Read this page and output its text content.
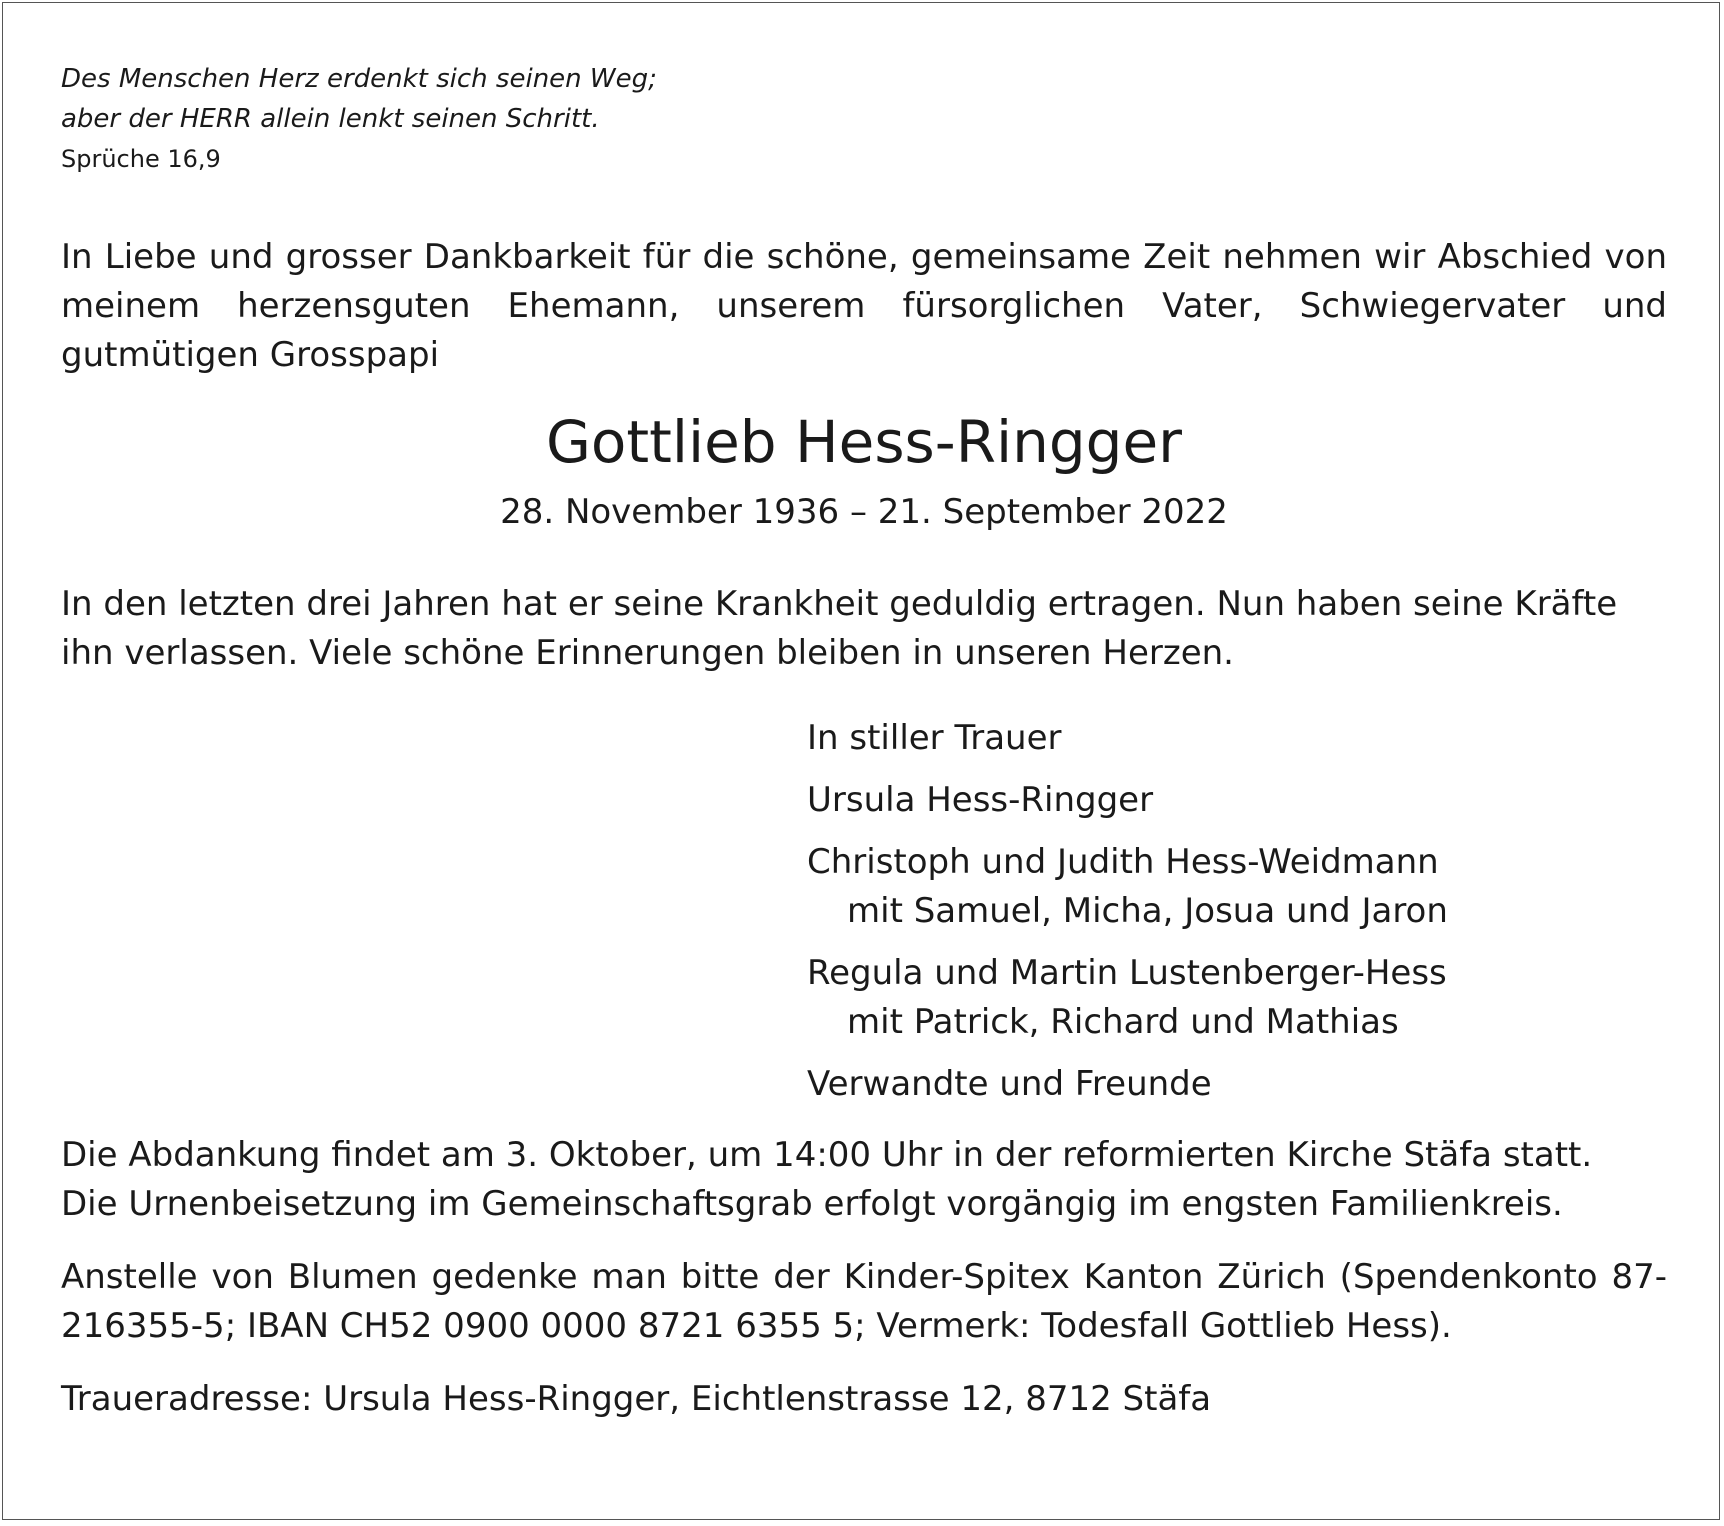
Des Menschen Herz erdenkt sich seinen Weg;

aber der HERR allein lenkt seinen Schritt.

Sprüche 16,9

In Liebe und grosser Dankbarkeit für die schöne, gemeinsame Zeit nehmen wir Abschied von meinem herzensguten Ehemann, unserem fürsorglichen Vater, Schwiegervater und gutmütigen Grosspapi

Gottlieb Hess-Ringger

28. November 1936 – 21. September 2022

In den letzten drei Jahren hat er seine Krankheit geduldig ertragen. Nun haben seine Kräfte ihn verlassen. Viele schöne Erinnerungen bleiben in unseren Herzen.

In stiller Trauer
Ursula Hess-Ringger
Christoph und Judith Hess-Weidmann
mit Samuel, Micha, Josua und Jaron
Regula und Martin Lustenberger-Hess
mit Patrick, Richard und Mathias
Verwandte und Freunde
Die Abdankung findet am 3. Oktober, um 14:00 Uhr in der reformierten Kirche Stäfa statt.
Die Urnenbeisetzung im Gemeinschaftsgrab erfolgt vorgängig im engsten Familienkreis.

Anstelle von Blumen gedenke man bitte der Kinder-Spitex Kanton Zürich (Spendenkonto 87-216355-5; IBAN CH52 0900 0000 8721 6355 5; Vermerk: Todesfall Gottlieb Hess).

Traueradresse: Ursula Hess-Ringger, Eichtlenstrasse 12, 8712 Stäfa
